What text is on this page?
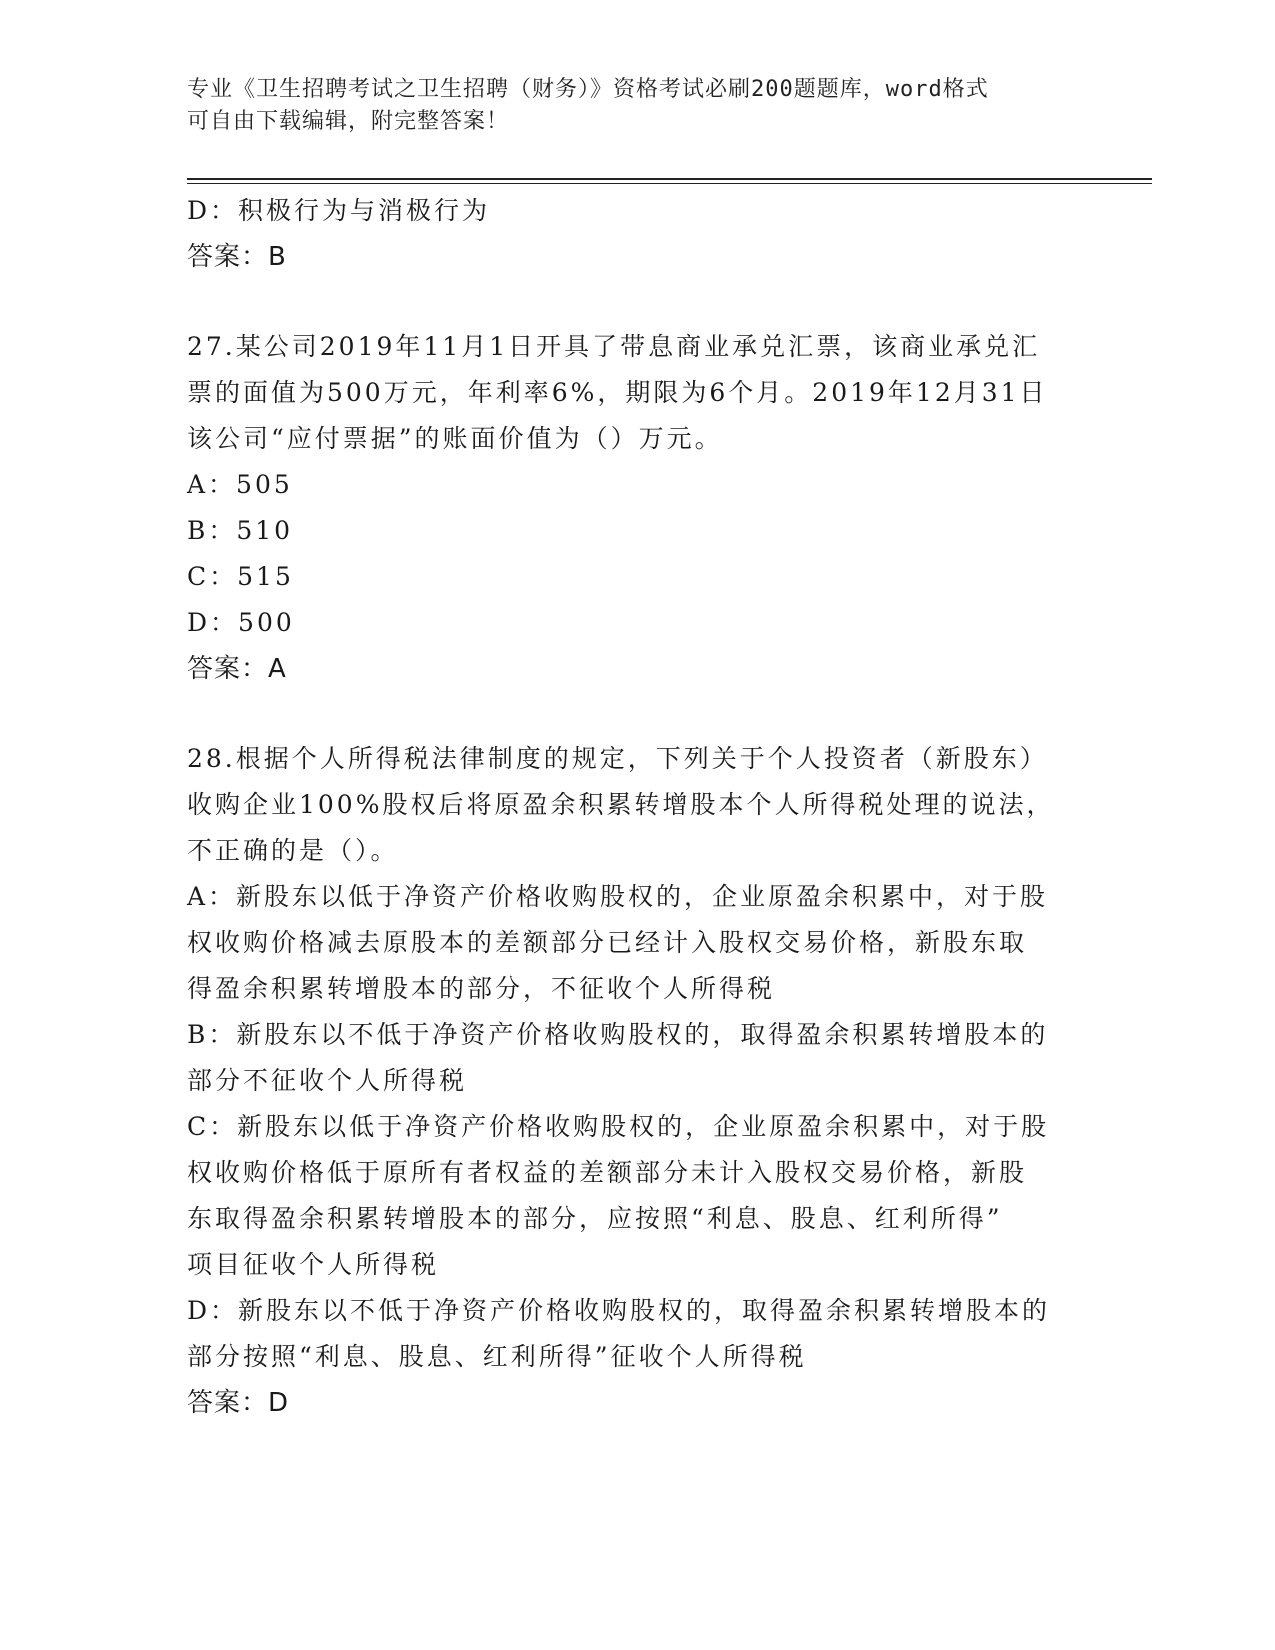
专业《卫生招聘考试之卫生招聘（财务）》资格考试必刷200题题库，word格式
可自由下载编辑，附完整答案！
D：积极行为与消极行为
答案：B
27.某公司2019年11月1日开具了带息商业承兑汇票，该商业承兑汇
票的面值为500万元，年利率6%，期限为6个月。2019年12月31日
该公司“应付票据”的账面价值为（）万元。
A：505
B：510
C：515
D：500
答案：A
28.根据个人所得税法律制度的规定，下列关于个人投资者（新股东）
收购企业100%股权后将原盈余积累转增股本个人所得税处理的说法，
不正确的是（）。
A：新股东以低于净资产价格收购股权的，企业原盈余积累中，对于股
权收购价格减去原股本的差额部分已经计入股权交易价格，新股东取
得盈余积累转增股本的部分，不征收个人所得税
B：新股东以不低于净资产价格收购股权的，取得盈余积累转增股本的
部分不征收个人所得税
C：新股东以低于净资产价格收购股权的，企业原盈余积累中，对于股
权收购价格低于原所有者权益的差额部分未计入股权交易价格，新股
东取得盈余积累转增股本的部分，应按照“利息、股息、红利所得”
项目征收个人所得税
D：新股东以不低于净资产价格收购股权的，取得盈余积累转增股本的
部分按照“利息、股息、红利所得”征收个人所得税
答案：D
